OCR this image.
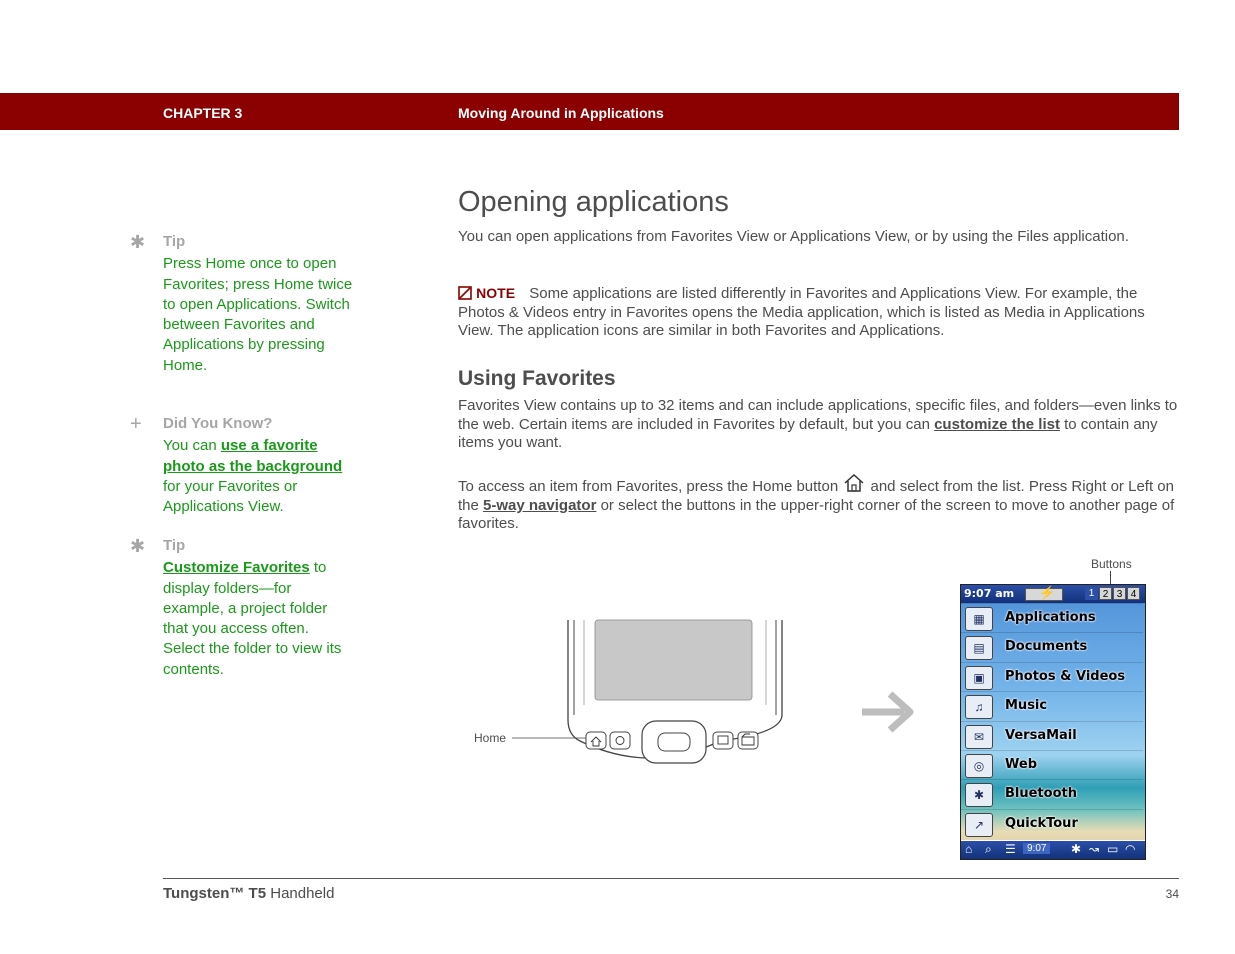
CHAPTER 3	Moving Around in Applications
✱ Tip
Press Home once to open Favorites; press Home twice to open Applications. Switch between Favorites and Applications by pressing Home.
+ Did You Know?
You can use a favorite photo as the background for your Favorites or Applications View.
✱ Tip
Customize Favorites to display folders—for example, a project folder that you access often. Select the folder to view its contents.
Opening applications
You can open applications from Favorites View or Applications View, or by using the Files application.
NOTE Some applications are listed differently in Favorites and Applications View. For example, the Photos & Videos entry in Favorites opens the Media application, which is listed as Media in Applications View. The application icons are similar in both Favorites and Applications.
Using Favorites
Favorites View contains up to 32 items and can include applications, specific files, and folders—even links to the web. Certain items are included in Favorites by default, but you can customize the list to contain any items you want.
To access an item from Favorites, press the Home button  and select from the list. Press Right or Left on the 5-way navigator or select the buttons in the upper-right corner of the screen to move to another page of favorites.
Home
Buttons
9:07 am ⚡	1 2 3 4
▦	Applications
▤	Documents
▣	Photos & Videos
♫	Music
✉	VersaMail
◎	Web
✱	Bluetooth
↗	QuickTour
⌂ ⌕ ☰	9:07	✱ ↝ ▭ ◠
Tungsten™ T5 Handheld	34
